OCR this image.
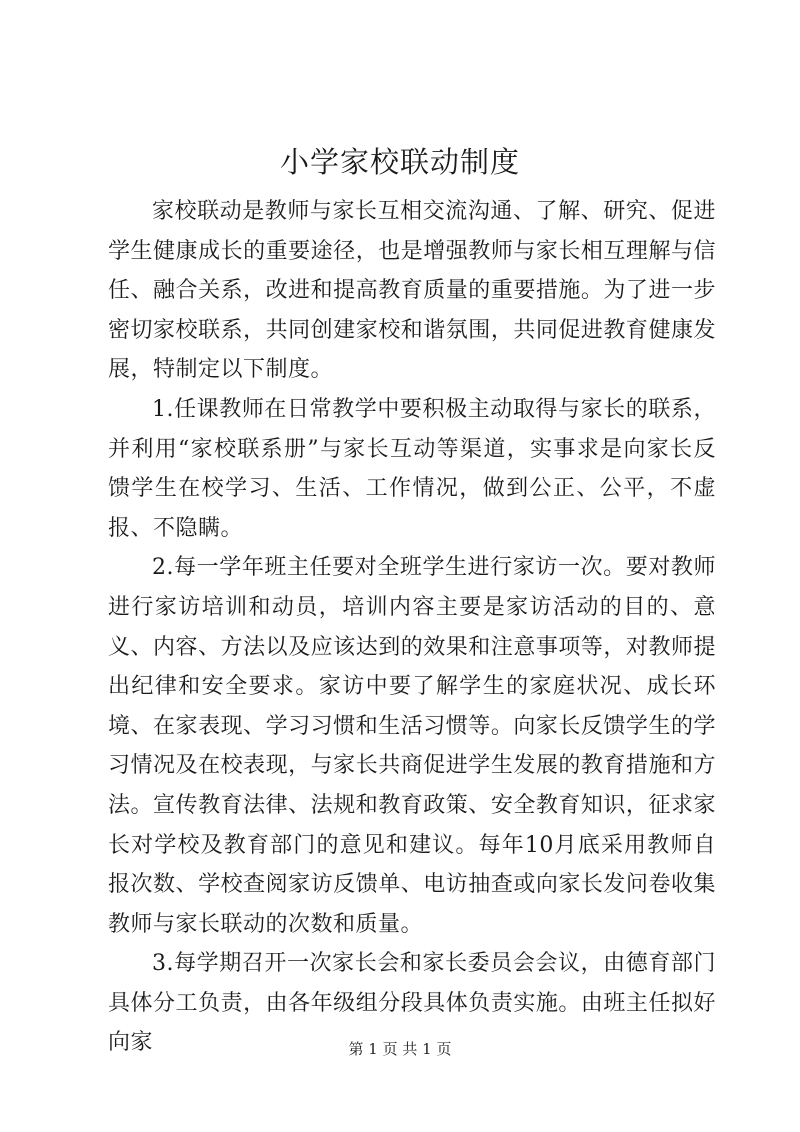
小学家校联动制度

家校联动是教师与家长互相交流沟通、了解、研究、促进学生健康成长的重要途径，也是增强教师与家长相互理解与信任、融合关系，改进和提高教育质量的重要措施。为了进一步密切家校联系，共同创建家校和谐氛围，共同促进教育健康发展，特制定以下制度。

1.任课教师在日常教学中要积极主动取得与家长的联系，并利用“家校联系册”与家长互动等渠道，实事求是向家长反馈学生在校学习、生活、工作情况，做到公正、公平，不虚报、不隐瞒。

2.每一学年班主任要对全班学生进行家访一次。要对教师进行家访培训和动员，培训内容主要是家访活动的目的、意义、内容、方法以及应该达到的效果和注意事项等，对教师提出纪律和安全要求。家访中要了解学生的家庭状况、成长环境、在家表现、学习习惯和生活习惯等。向家长反馈学生的学习情况及在校表现，与家长共商促进学生发展的教育措施和方法。宣传教育法律、法规和教育政策、安全教育知识，征求家长对学校及教育部门的意见和建议。每年10月底采用教师自报次数、学校查阅家访反馈单、电访抽查或向家长发问卷收集教师与家长联动的次数和质量。

3.每学期召开一次家长会和家长委员会会议，由德育部门具体分工负责，由各年级组分段具体负责实施。由班主任拟好向家	第 1 页 共 1 页
